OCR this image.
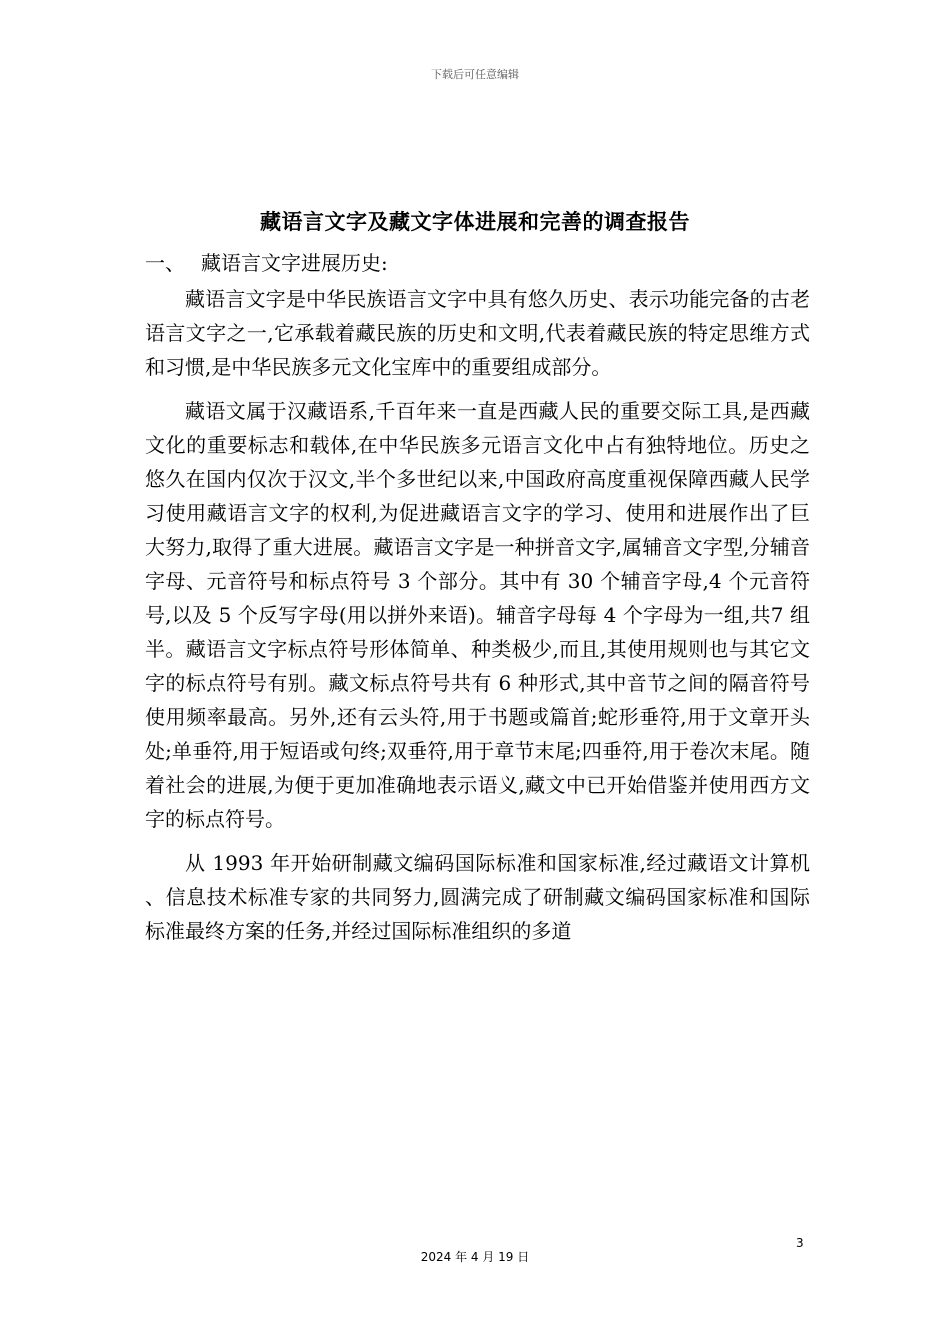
下载后可任意编辑
藏语言文字及藏文字体进展和完善的调查报告
一、 藏语言文字进展历史:

藏语言文字是中华民族语言文字中具有悠久历史、表示功能完备的古老语言文字之一,它承载着藏民族的历史和文明,代表着藏民族的特定思维方式和习惯,是中华民族多元文化宝库中的重要组成部分。

藏语文属于汉藏语系,千百年来一直是西藏人民的重要交际工具,是西藏文化的重要标志和载体,在中华民族多元语言文化中占有独特地位。历史之悠久在国内仅次于汉文,半个多世纪以来,中国政府高度重视保障西藏人民学习使用藏语言文字的权利,为促进藏语言文字的学习、使用和进展作出了巨大努力,取得了重大进展。藏语言文字是一种拼音文字,属辅音文字型,分辅音字母、元音符号和标点符号 3 个部分。其中有 30 个辅音字母,4 个元音符号,以及 5 个反写字母(用以拼外来语)。辅音字母每 4 个字母为一组,共7 组半。藏语言文字标点符号形体简单、种类极少,而且,其使用规则也与其它文字的标点符号有别。藏文标点符号共有 6 种形式,其中音节之间的隔音符号使用频率最高。另外,还有云头符,用于书题或篇首;蛇形垂符,用于文章开头处;单垂符,用于短语或句终;双垂符,用于章节末尾;四垂符,用于卷次末尾。随着社会的进展,为便于更加准确地表示语义,藏文中已开始借鉴并使用西方文字的标点符号。

从 1993 年开始研制藏文编码国际标准和国家标准,经过藏语文计算机、信息技术标准专家的共同努力,圆满完成了研制藏文编码国家标准和国际标准最终方案的任务,并经过国际标准组织的多道

3
2024 年 4 月 19 日
